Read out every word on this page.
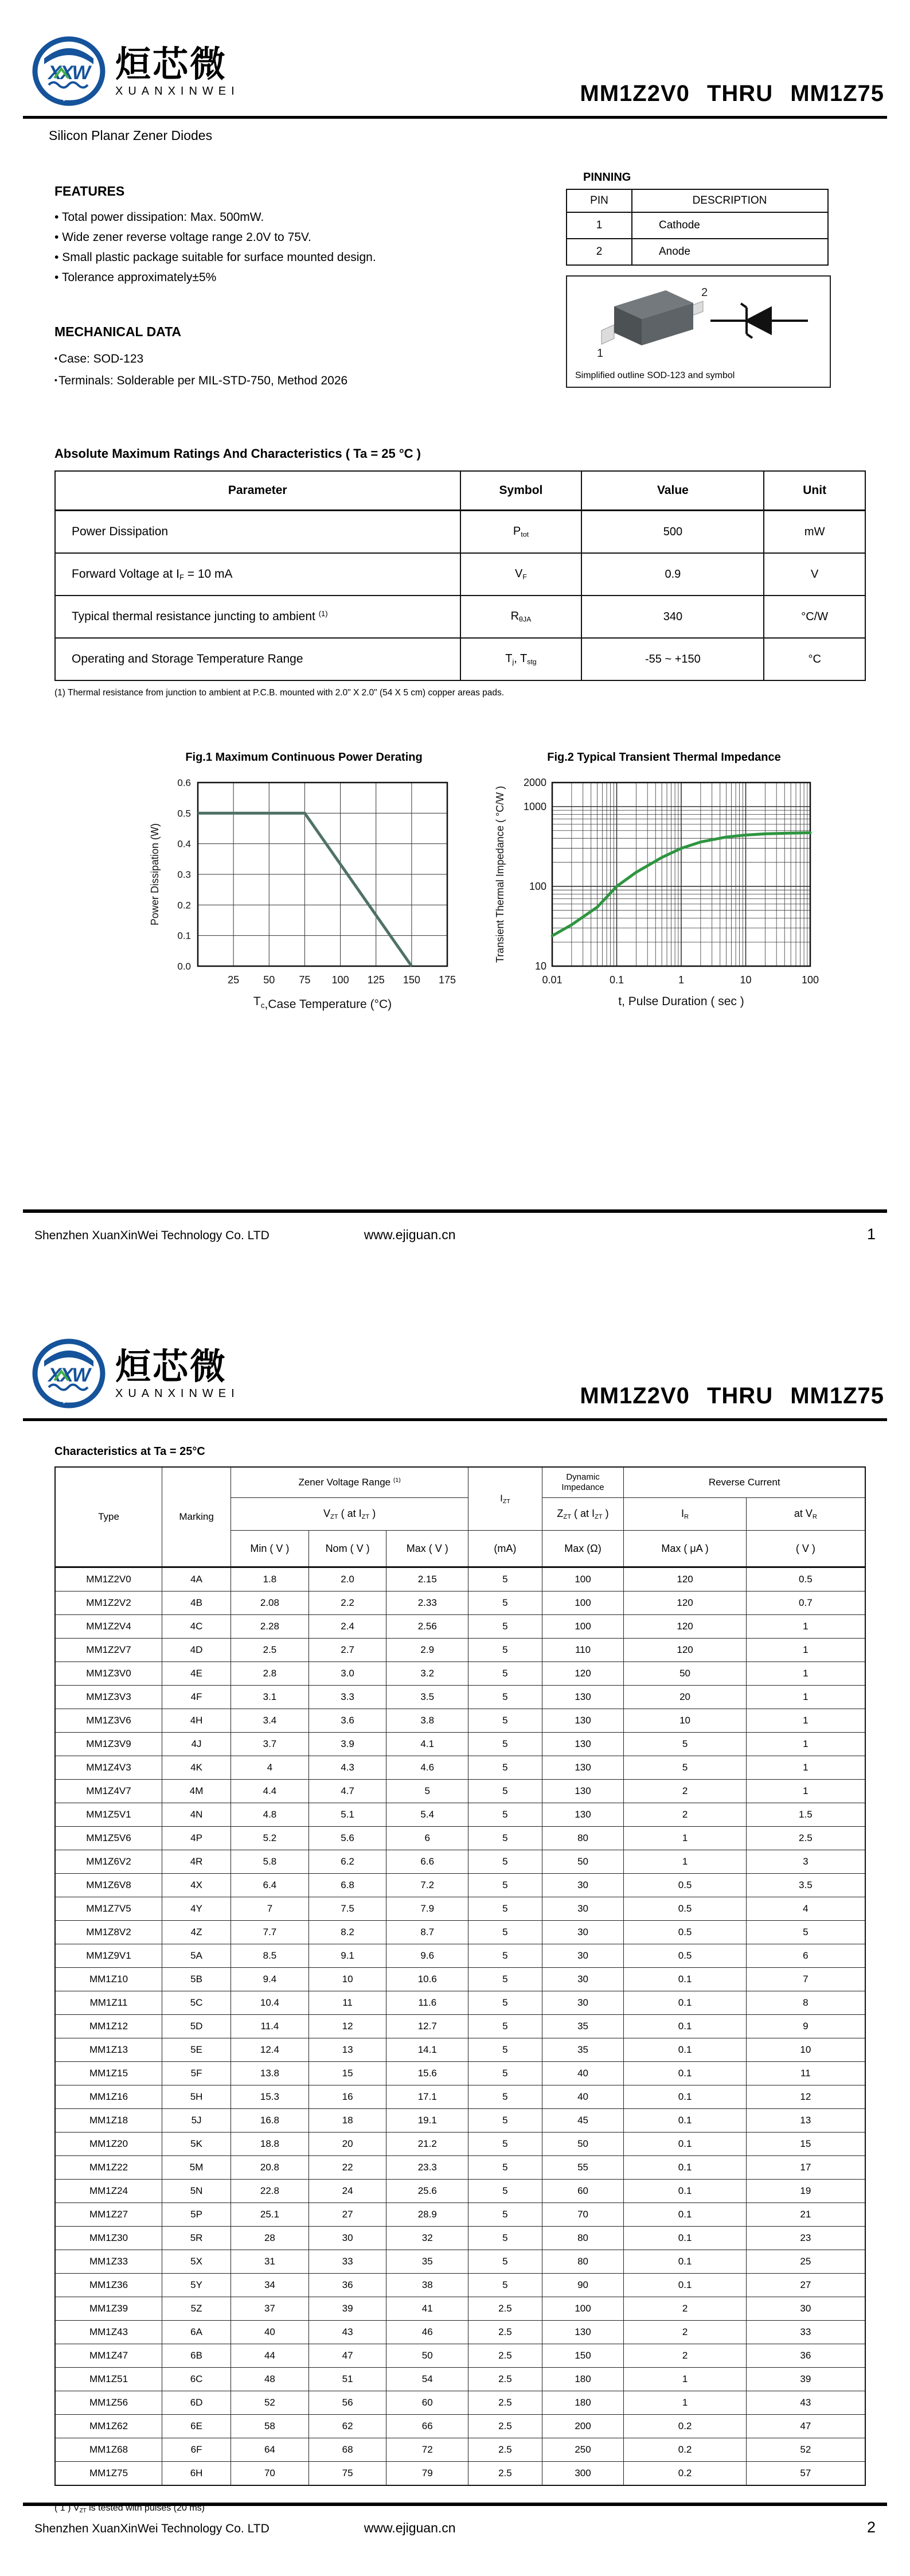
XXW 烜芯微
XUANXINWEI	MM1Z2V0 THRU MM1Z75
Silicon Planar Zener Diodes
FEATURES
• Total power dissipation: Max. 500mW.
• Wide zener reverse voltage range 2.0V to 75V.
• Small plastic package suitable for surface mounted design.
• Tolerance approximately±5%
MECHANICAL DATA
▪ Case: SOD-123
▪ Terminals: Solderable per MIL-STD-750, Method 2026
PINNING
PIN	DESCRIPTION
1	Cathode
2	Anode
2
1
Simplified outline SOD-123 and symbol
Absolute Maximum Ratings And Characteristics ( Ta = 25 °C )
Parameter	Symbol	Value	Unit
Power Dissipation	$P_{tot}$	500	mW
Forward Voltage at $I_F = 10$ mA	$V_F$	0.9	V
Typical thermal resistance juncting to ambient $^{(1)}$	$R_{\theta JA}$	340	°C/W
Operating and Storage Temperature Range	$T_j$, $T_{stg}$	-55 ~ +150	°C

(1) Thermal resistance from junction to ambient at P.C.B. mounted with 2.0" X 2.0" (54 X 5 cm) copper areas pads.

Fig.1 Maximum Continuous Power Derating
0.0
0.1
0.2
0.3
0.4
0.5
0.6
25 50 75 100 125 150 175
Power Dissipation (W)
$T_c,Case$ Temperature (°C)
Fig.2 Typical Transient Thermal Impedance
10
100
1000
2000
0.01	0.1	1	10	100
Transient Thermal Impedance ( °C/W )
t, Pulse Duration ( sec )
Shenzhen XuanXinWei Technology Co. LTD	www.ejiguan.cn	1
XXW 烜芯微
XUANXINWEI	MM1Z2V0 THRU MM1Z75
Characteristics at Ta = 25°C
Type	Marking	Zener Voltage Range $^{(1)}$			$I_{ZT}$	Dynamic Impedance	Reverse Current	
		$V_{ZT}$ ( at $I_{ZT}$ )				$Z_{ZT}$ ( at $I_{ZT}$ )	$I_R$	at $V_R$
		Min ( V )	Nom ( V )	Max ( V )	(mA)	Max (Ω)	Max ( μA )	( V )
MM1Z2V0	4A	1.8	2.0	2.15	5	100	120	0.5
MM1Z2V2	4B	2.08	2.2	2.33	5	100	120	0.7
MM1Z2V4	4C	2.28	2.4	2.56	5	100	120	1
MM1Z2V7	4D	2.5	2.7	2.9	5	110	120	1
MM1Z3V0	4E	2.8	3.0	3.2	5	120	50	1
MM1Z3V3	4F	3.1	3.3	3.5	5	130	20	1
MM1Z3V6	4H	3.4	3.6	3.8	5	130	10	1
MM1Z3V9	4J	3.7	3.9	4.1	5	130	5	1
MM1Z4V3	4K	4	4.3	4.6	5	130	5	1
MM1Z4V7	4M	4.4	4.7	5	5	130	2	1
MM1Z5V1	4N	4.8	5.1	5.4	5	130	2	1.5
MM1Z5V6	4P	5.2	5.6	6	5	80	1	2.5
MM1Z6V2	4R	5.8	6.2	6.6	5	50	1	3
MM1Z6V8	4X	6.4	6.8	7.2	5	30	0.5	3.5
MM1Z7V5	4Y	7	7.5	7.9	5	30	0.5	4
MM1Z8V2	4Z	7.7	8.2	8.7	5	30	0.5	5
MM1Z9V1	5A	8.5	9.1	9.6	5	30	0.5	6
MM1Z10	5B	9.4	10	10.6	5	30	0.1	7
MM1Z11	5C	10.4	11	11.6	5	30	0.1	8
MM1Z12	5D	11.4	12	12.7	5	35	0.1	9
MM1Z13	5E	12.4	13	14.1	5	35	0.1	10
MM1Z15	5F	13.8	15	15.6	5	40	0.1	11
MM1Z16	5H	15.3	16	17.1	5	40	0.1	12
MM1Z18	5J	16.8	18	19.1	5	45	0.1	13
MM1Z20	5K	18.8	20	21.2	5	50	0.1	15
MM1Z22	5M	20.8	22	23.3	5	55	0.1	17
MM1Z24	5N	22.8	24	25.6	5	60	0.1	19
MM1Z27	5P	25.1	27	28.9	5	70	0.1	21
MM1Z30	5R	28	30	32	5	80	0.1	23
MM1Z33	5X	31	33	35	5	80	0.1	25
MM1Z36	5Y	34	36	38	5	90	0.1	27
MM1Z39	5Z	37	39	41	2.5	100	2	30
MM1Z43	6A	40	43	46	2.5	130	2	33
MM1Z47	6B	44	47	50	2.5	150	2	36
MM1Z51	6C	48	51	54	2.5	180	1	39
MM1Z56	6D	52	56	60	2.5	180	1	43
MM1Z62	6E	58	62	66	2.5	200	0.2	47
MM1Z68	6F	64	68	72	2.5	250	0.2	52
MM1Z75	6H	70	75	79	2.5	300	0.2	57

( 1 ) $V_{ZT}$ is tested with pulses (20 ms)

Shenzhen XuanXinWei Technology Co. LTD	www.ejiguan.cn	2
